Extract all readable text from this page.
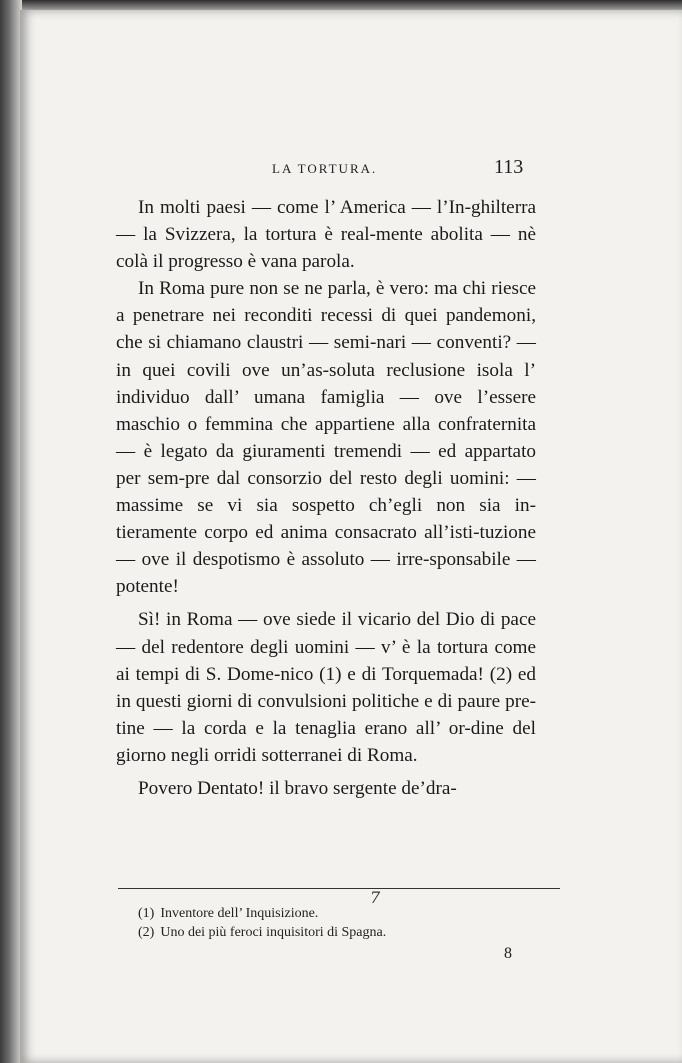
LA TORTURA.	113

In molti paesi — come l’ America — l’In-ghilterra — la Svizzera, la tortura è real-mente abolita — nè colà il progresso è vana parola.

In Roma pure non se ne parla, è vero: ma chi riesce a penetrare nei reconditi recessi di quei pandemoni, che si chiamano claustri — semi-nari — conventi? — in quei covili ove un’as-soluta reclusione isola l’ individuo dall’ umana famiglia — ove l’essere maschio o femmina che appartiene alla confraternita — è legato da giuramenti tremendi — ed appartato per sem-pre dal consorzio del resto degli uomini: — massime se vi sia sospetto ch’egli non sia in-tieramente corpo ed anima consacrato all’isti-tuzione — ove il despotismo è assoluto — irre-sponsabile — potente!

Sì! in Roma — ove siede il vicario del Dio di pace — del redentore degli uomini — v’ è la tortura come ai tempi di S. Dome-nico (1) e di Torquemada! (2) ed in questi giorni di convulsioni politiche e di paure pre-tine — la corda e la tenaglia erano all’ or-dine del giorno negli orridi sotterranei di Roma.

Povero Dentato! il bravo sergente de’dra-

7

(1) Inventore dell’ Inquisizione.

(2) Uno dei più feroci inquisitori di Spagna.

8
